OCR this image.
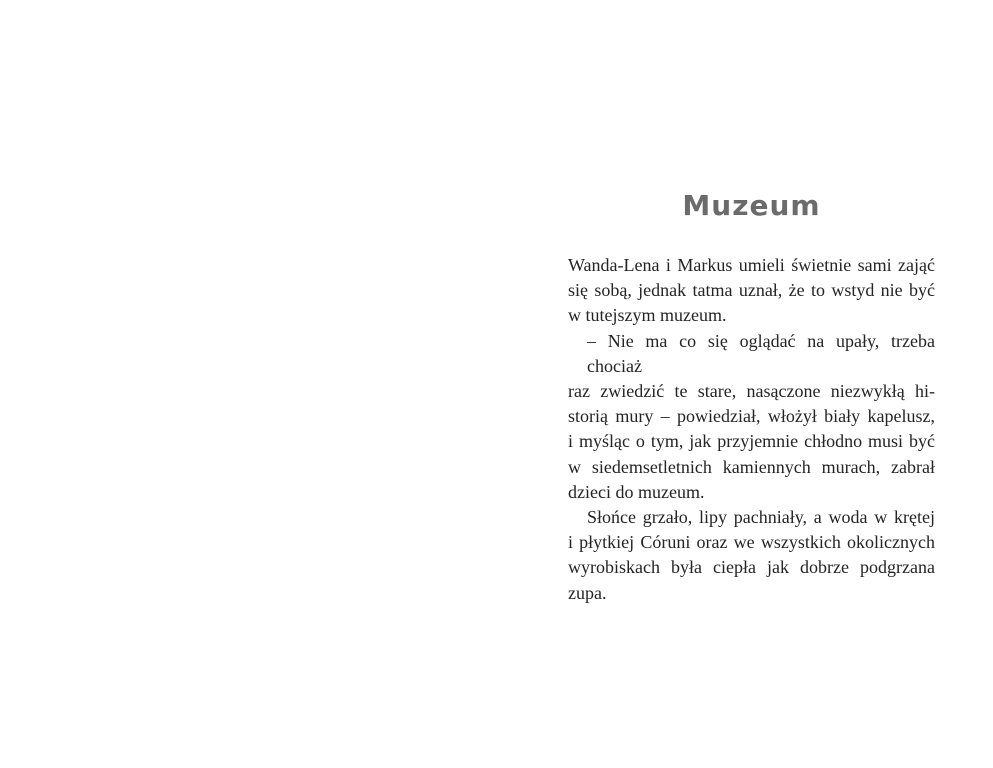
Muzeum
Wanda-Lena i Markus umieli świetnie sami zająć
się sobą, jednak tatma uznał, że to wstyd nie być
w tutejszym muzeum.
– Nie ma co się oglądać na upały, trzeba chociaż
raz zwiedzić te stare, nasączone niezwykłą hi-
storią mury – powiedział, włożył biały kapelusz,
i myśląc o tym, jak przyjemnie chłodno musi być
w siedemsetletnich kamiennych murach, zabrał
dzieci do muzeum.
Słońce grzało, lipy pachniały, a woda w krętej
i płytkiej Córuni oraz we wszystkich okolicznych
wyrobiskach była ciepła jak dobrze podgrzana
zupa.
